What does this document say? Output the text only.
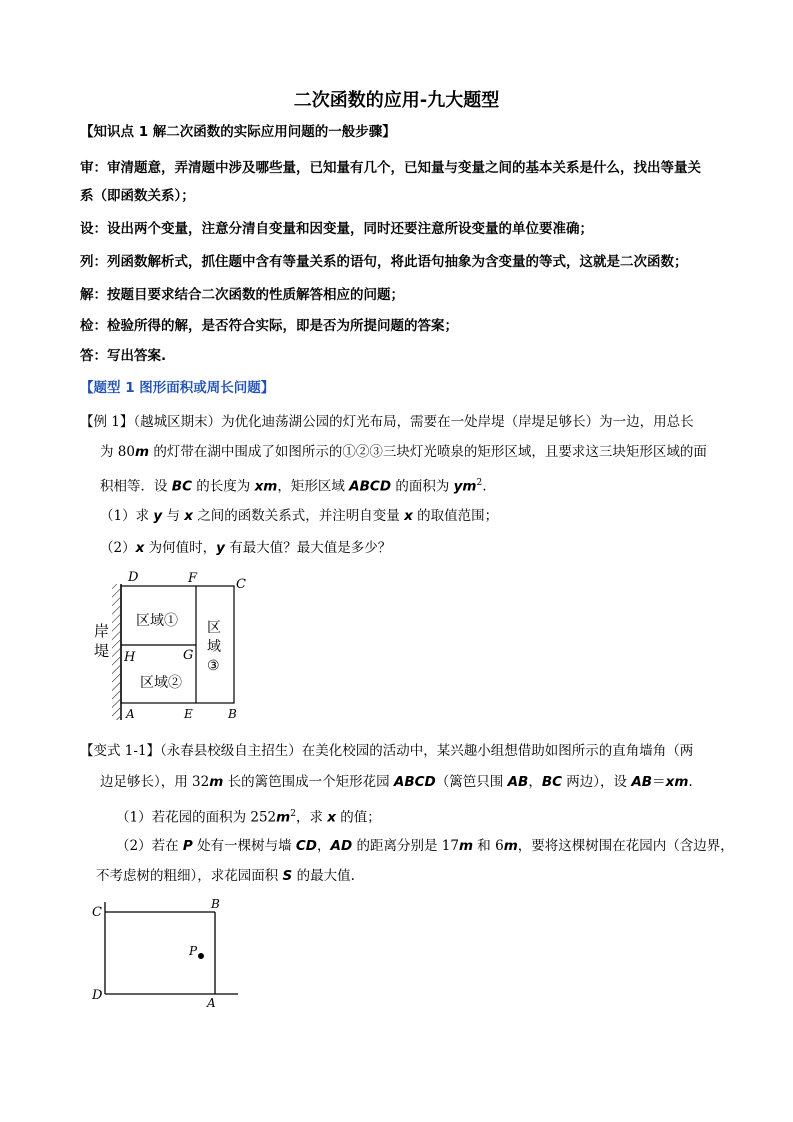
二次函数的应用-九大题型
【知识点 1 解二次函数的实际应用问题的一般步骤】
审：审清题意，弄清题中涉及哪些量，已知量有几个，已知量与变量之间的基本关系是什么，找出等量关
系（即函数关系）；
设：设出两个变量，注意分清自变量和因变量，同时还要注意所设变量的单位要准确；
列：列函数解析式，抓住题中含有等量关系的语句，将此语句抽象为含变量的等式，这就是二次函数；
解：按题目要求结合二次函数的性质解答相应的问题；
检：检验所得的解，是否符合实际，即是否为所提问题的答案；
答：写出答案.
【题型 1 图形面积或周长问题】
【例 1】（越城区期末）为优化迪荡湖公园的灯光布局，需要在一处岸堤（岸堤足够长）为一边，用总长
为 80m 的灯带在湖中围成了如图所示的①②③三块灯光喷泉的矩形区域，且要求这三块矩形区域的面
积相等．设 BC 的长度为 xm，矩形区域 ABCD 的面积为 $ym^2$.
（1）求 y 与 x 之间的函数关系式，并注明自变量 x 的取值范围；
（2）x 为何值时，y 有最大值？最大值是多少？
D	F	C
H	G
A	E	B
岸
堤
区域①
区域②
区
域
③
【变式 1-1】（永春县校级自主招生）在美化校园的活动中，某兴趣小组想借助如图所示的直角墙角（两
边足够长），用 32m 长的篱笆围成一个矩形花园 ABCD（篱笆只围 AB，BC 两边），设 AB＝xm.
（1）若花园的面积为 $252m^2$，求 x 的值；
（2）若在 P 处有一棵树与墙 CD，AD 的距离分别是 17m 和 6m，要将这棵树围在花园内（含边界，
不考虑树的粗细），求花园面积 S 的最大值.
C
B
P
D	A
